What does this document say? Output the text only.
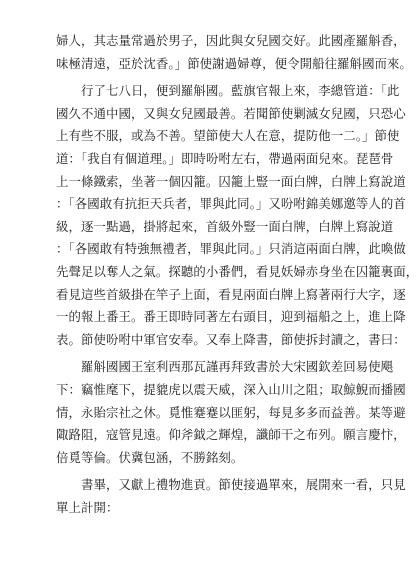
婦人，其志量常過於男子，因此與女兒國交好。此國產羅斛香，
味極清遠，亞於沈香。」節使謝過婦尊，便令開船往羅斛國而來。
　　行了七八日，便到羅斛國。藍旗官報上來，李總管道：「此
國久不通中國，又與女兒國最善。若聞節使剿滅女兒國，只恐心
上有些不服，或為不善。望節使大人在意，提防他一二。」節使
道：「我自有個道理。」即時吩咐左右，帶過兩面兒來。琵琶骨
上一條鐵索，坐著一個囚籠。囚籠上豎一面白牌，白牌上寫說道
：「各國敢有抗拒天兵者，罪與此同。」又吩咐錦美娜邀等人的首
級，逐一點過，掛將起來，首級外豎一面白牌，白牌上寫說道
：「各國敢有特強無禮者，罪與此同。」只消這兩面白牌，此喚做
先聲足以奪人之氣。探聽的小番們，看見妖婦赤身坐在囚籠裏面，
看見這些首級掛在竿子上面，看見兩面白牌上寫著兩行大字，逐
一的報上番王。番王即時同著左右頭目，迎到福船之上，進上降
表。節使吩咐中軍官安奉。又奉上降書，節使拆封讀之，書曰：
　　羅斛國國王室利西那瓦謹再拜致書於大宋國欽差回易使飓
下：竊惟麾下，提貔虎以震天威，深入山川之阻；取鯨鯢而播國
情，永貽宗社之休。覓惟蹇蹇以匪躬，每見多多而益善。某等避
陬路阻，寇管見遠。仰斧鉞之輝煌，讖師干之布列。願言慶忭，
倍覓等倫。伏冀包涵，不勝銘刻。
　　書畢，又獻上禮物進貢。節使接過單來，展開來一看，只見
單上計開：
